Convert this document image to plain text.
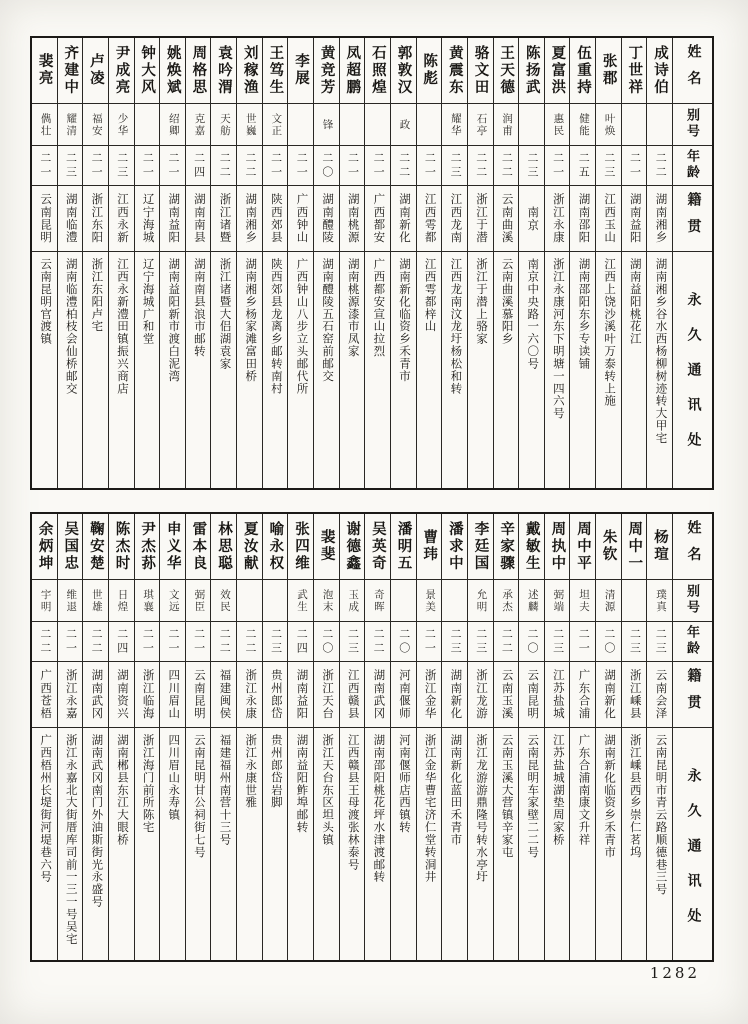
姓名
别号
年龄
籍贯
永久通讯处
成诗伯
二二
湖南湘乡
湖南湘乡谷水西杨柳树迹转大甲宅
丁世祥
二一
湖南益阳
湖南益阳桃花江
张郡
叶焕
二三
江西玉山
江西上饶沙溪叶万泰转上施
伍重持
健能
二五
湖南邵阳
湖南邵阳东乡专读铺
夏富洪
惠民
二一
浙江永康
浙江永康河东下明塘一四六号
陈扬武
二三
南京
南京中央路一六〇号
王天德
润甫
二二
云南曲溪
云南曲溪慕阳乡
骆文田
石亭
二二
浙江于潜
浙江于潜上骆家
黄震东
耀华
二三
江西龙南
江西龙南汶龙圩杨松和转
陈彪
二一
江西雩都
江西雩都梓山
郭敦汉
政
二二
湖南新化
湖南新化临资乡禾青市
石照煌
二一
广西都安
广西都安宣山拉烈
凤超鹏
二一
湖南桃源
湖南桃源漆市凤家
黄竞芳
锋
二〇
湖南醴陵
湖南醴陵五石窑前邮交
李展
二一
广西钟山
广西钟山八步立头邮代所
王笃生
文正
二一
陕西郊县
陕西郊县龙离乡邮转南村
刘稼渔
世巍
二二
湖南湘乡
湖南湘乡杨家滩富田桥
袁吟渭
天舫
二二
浙江诸暨
浙江诸暨大侣湖袁家
周格思
克嘉
二四
湖南南县
湖南南县浪市邮转
姚焕斌
绍卿
二一
湖南益阳
湖南益阳新市渡白泥湾
钟大风
二一
辽宁海城
辽宁海城广和堂
尹成亮
少华
二三
江西永新
江西永新澧田镇振兴商店
卢凌
福安
二一
浙江东阳
浙江东阳卢宅
齐建中
耀清
二三
湖南临澧
湖南临澧柏枝会仙桥邮交
裴亮
儁壮
二一
云南昆明
云南昆明官渡镇
姓名
别号
年龄
籍贯
永久通讯处
杨瑄
璞真
二三
云南会泽
云南昆明市青云路顺德巷三号
周中一
二三
浙江嵊县
浙江嵊县西乡崇仁茗坞
朱钦
清源
二〇
湖南新化
湖南新化临资乡禾青市
周中平
坦夫
二一
广东合浦
广东合浦南康文升祥
周执中
弼端
二三
江苏盐城
江苏盐城湖垫周家桥
戴敏生
述麟
二〇
云南昆明
云南昆明车家壁二二号
辛家骤
承杰
二二
云南玉溪
云南玉溪大营镇辛家屯
李廷国
允明
二三
浙江龙游
浙江龙游游鼎隆号转水亭圩
潘求中
二三
湖南新化
湖南新化蓝田禾青市
曹玮
景美
二一
浙江金华
浙江金华曹宅济仁堂转洞井
潘明五
二〇
河南偃师
河南偃师店西镇转
吴英奇
奇晖
二二
湖南武冈
湖南邵阳桃花坪水津渡邮转
谢德鑫
玉成
二三
江西赣县
江西赣县王母渡张林泰号
裴斐
泡末
二〇
浙江天台
浙江天台东区坦头镇
张四维
武生
二四
湖南益阳
湖南益阳鲊埠邮转
喻永权
二三
贵州郎岱
贵州郎岱岩脚
夏汝献
二二
浙江永康
浙江永康世雅
林思聪
效民
二二
福建闽侯
福建福州南营十三号
雷本良
弼臣
二一
云南昆明
云南昆明甘公祠街七号
申义华
文远
二一
四川眉山
四川眉山永寿镇
尹杰荪
琪襄
二一
浙江临海
浙江海门前所陈宅
陈杰时
日煌
二四
湖南资兴
湖南郴县东江大眼桥
鞠安楚
世雄
二二
湖南武冈
湖南武冈南门外油斯街光永盛号
吴国忠
维退
二一
浙江永嘉
浙江永嘉北大街厝库司前一三一号吴宅
余炳坤
宇明
二二
广西苍梧
广西梧州长堤街河堤巷六号
1282
